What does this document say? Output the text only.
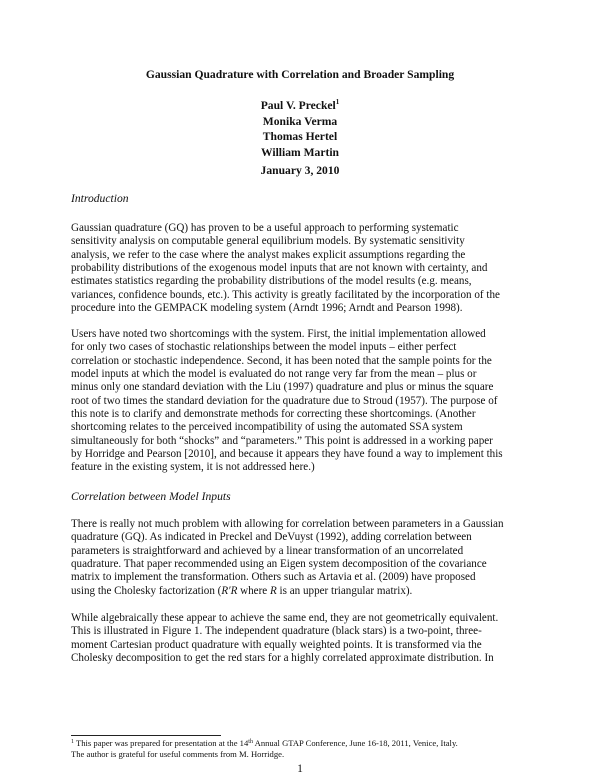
Gaussian Quadrature with Correlation and Broader Sampling
Paul V. Preckel$^1$
Monika Verma
Thomas Hertel
William Martin
January 3, 2010
Introduction
Gaussian quadrature (GQ) has proven to be a useful approach to performing systematic
sensitivity analysis on computable general equilibrium models. By systematic sensitivity
analysis, we refer to the case where the analyst makes explicit assumptions regarding the
probability distributions of the exogenous model inputs that are not known with certainty, and
estimates statistics regarding the probability distributions of the model results (e.g. means,
variances, confidence bounds, etc.). This activity is greatly facilitated by the incorporation of the
procedure into the GEMPACK modeling system (Arndt 1996; Arndt and Pearson 1998).
Users have noted two shortcomings with the system. First, the initial implementation allowed
for only two cases of stochastic relationships between the model inputs – either perfect
correlation or stochastic independence. Second, it has been noted that the sample points for the
model inputs at which the model is evaluated do not range very far from the mean – plus or
minus only one standard deviation with the Liu (1997) quadrature and plus or minus the square
root of two times the standard deviation for the quadrature due to Stroud (1957). The purpose of
this note is to clarify and demonstrate methods for correcting these shortcomings. (Another
shortcoming relates to the perceived incompatibility of using the automated SSA system
simultaneously for both “shocks” and “parameters.” This point is addressed in a working paper
by Horridge and Pearson [2010], and because it appears they have found a way to implement this
feature in the existing system, it is not addressed here.)
Correlation between Model Inputs
There is really not much problem with allowing for correlation between parameters in a Gaussian
quadrature (GQ). As indicated in Preckel and DeVuyst (1992), adding correlation between
parameters is straightforward and achieved by a linear transformation of an uncorrelated
quadrature. That paper recommended using an Eigen system decomposition of the covariance
matrix to implement the transformation. Others such as Artavia et al. (2009) have proposed
using the Cholesky factorization (R′R where R is an upper triangular matrix).
While algebraically these appear to achieve the same end, they are not geometrically equivalent.
This is illustrated in Figure 1. The independent quadrature (black stars) is a two-point, three-
moment Cartesian product quadrature with equally weighted points. It is transformed via the
Cholesky decomposition to get the red stars for a highly correlated approximate distribution. In
$^1$ This paper was prepared for presentation at the 14th Annual GTAP Conference, June 16-18, 2011, Venice, Italy.
The author is grateful for useful comments from M. Horridge.
1
